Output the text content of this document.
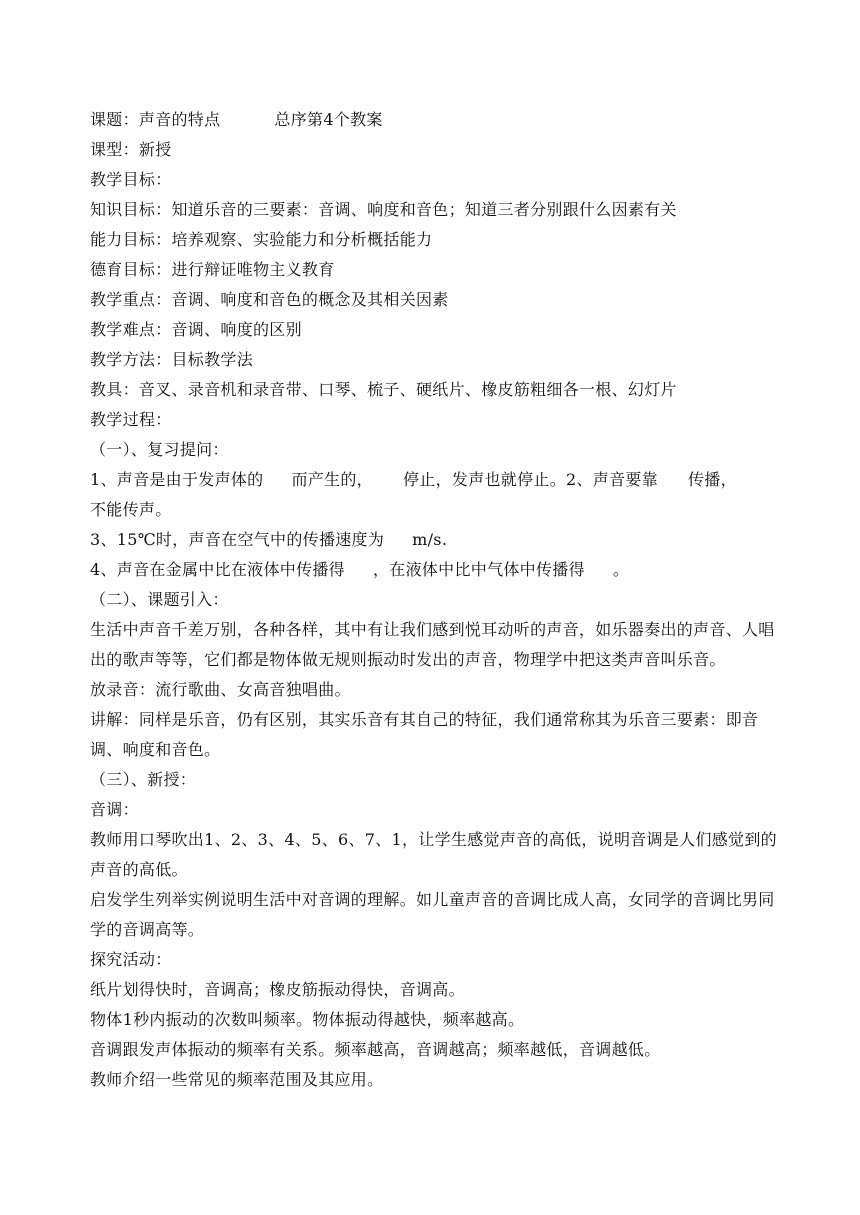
课题：声音的特点	总序第4个教案
课型：新授
教学目标：
知识目标：知道乐音的三要素：音调、响度和音色；知道三者分别跟什么因素有关
能力目标：培养观察、实验能力和分析概括能力
德育目标：进行辩证唯物主义教育
教学重点：音调、响度和音色的概念及其相关因素
教学难点：音调、响度的区别
教学方法：目标教学法
教具：音叉、录音机和录音带、口琴、梳子、硬纸片、橡皮筋粗细各一根、幻灯片
教学过程：
（一）、复习提问：
1、声音是由于发声体的 而产生的， 停止，发声也就停止。2、声音要靠 传播，
不能传声。
3、15℃时，声音在空气中的传播速度为 m/s.
4、声音在金属中比在液体中传播得 ，在液体中比中气体中传播得 。
（二）、课题引入：
生活中声音千差万别，各种各样，其中有让我们感到悦耳动听的声音，如乐器奏出的声音、人唱出的歌声等等，它们都是物体做无规则振动时发出的声音，物理学中把这类声音叫乐音。
放录音：流行歌曲、女高音独唱曲。
讲解：同样是乐音，仍有区别，其实乐音有其自己的特征，我们通常称其为乐音三要素：即音调、响度和音色。
（三）、新授：
音调：
教师用口琴吹出1、2、3、4、5、6、7、1，让学生感觉声音的高低，说明音调是人们感觉到的声音的高低。
启发学生列举实例说明生活中对音调的理解。如儿童声音的音调比成人高，女同学的音调比男同学的音调高等。
探究活动：
纸片划得快时，音调高；橡皮筋振动得快，音调高。
物体1秒内振动的次数叫频率。物体振动得越快，频率越高。
音调跟发声体振动的频率有关系。频率越高，音调越高；频率越低，音调越低。
教师介绍一些常见的频率范围及其应用。
